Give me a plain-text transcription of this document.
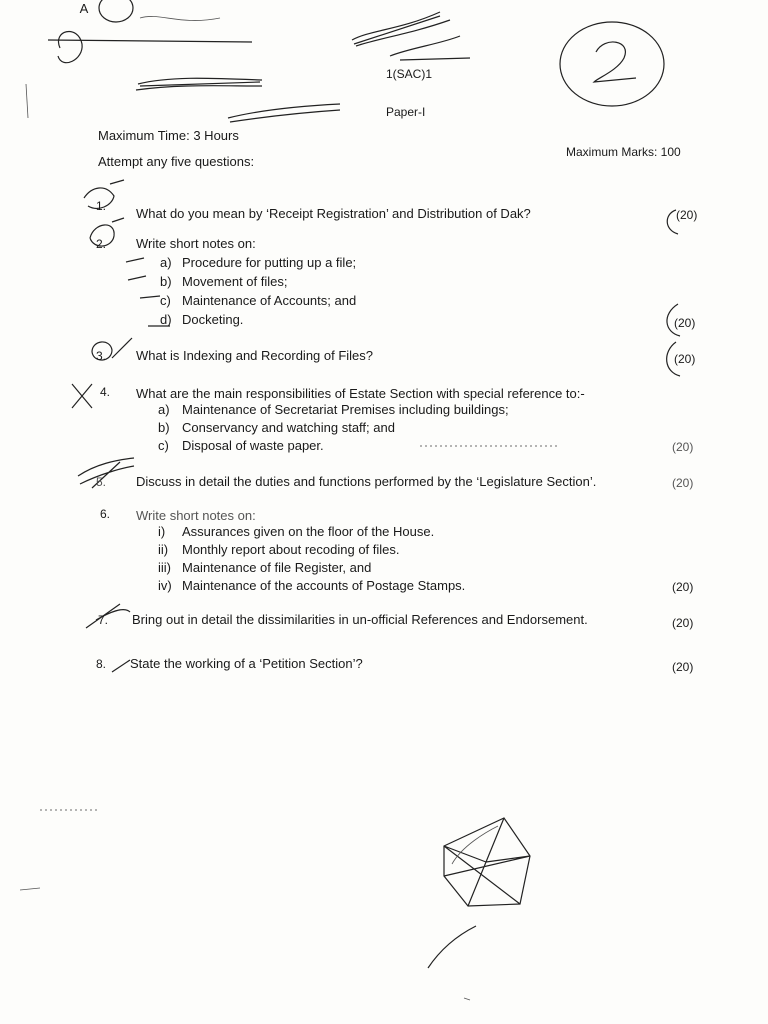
A
1(SAC)1
Paper-I
Maximum Time: 3 Hours
Maximum Marks: 100
Attempt any five questions:
1. What do you mean by ‘Receipt Registration’ and Distribution of Dak?	(20)
2. Write short notes on:
a) Procedure for putting up a file;
b) Movement of files;
c) Maintenance of Accounts; and
d) Docketing.	(20)
3. What is Indexing and Recording of Files?	(20)
4. What are the main responsibilities of Estate Section with special reference to:-
a) Maintenance of Secretariat Premises including buildings;
b) Conservancy and watching staff; and
c) Disposal of waste paper.	(20)
5. Discuss in detail the duties and functions performed by the ‘Legislature Section’.	(20)
6. Write short notes on:
i) Assurances given on the floor of the House.
ii) Monthly report about recoding of files.
iii) Maintenance of file Register, and
iv) Maintenance of the accounts of Postage Stamps.	(20)
7. Bring out in detail the dissimilarities in un-official References and Endorsement.	(20)
8. State the working of a ‘Petition Section’?	(20)
